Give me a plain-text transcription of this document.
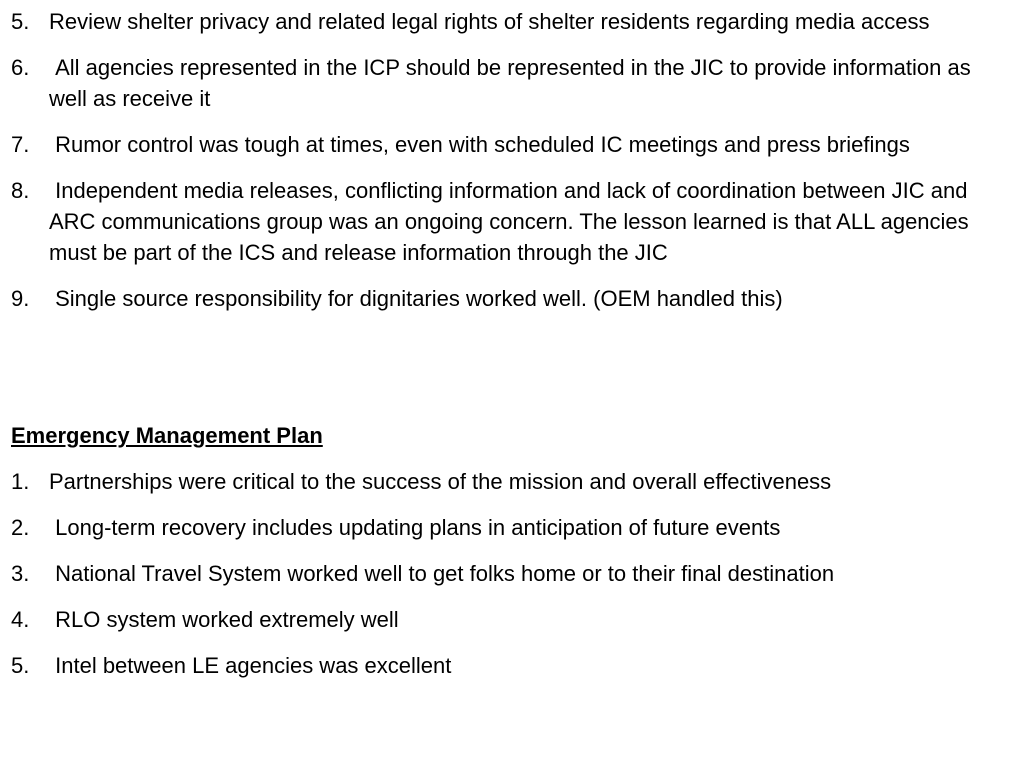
5. Review shelter privacy and related legal rights of shelter residents regarding media access
6. All agencies represented in the ICP should be represented in the JIC to provide information as well as receive it
7. Rumor control was tough at times, even with scheduled IC meetings and press briefings
8. Independent media releases, conflicting information and lack of coordination between JIC and ARC communications group was an ongoing concern. The lesson learned is that ALL agencies must be part of the ICS and release information through the JIC
9. Single source responsibility for dignitaries worked well. (OEM handled this)
Emergency Management Plan
1. Partnerships were critical to the success of the mission and overall effectiveness
2. Long-term recovery includes updating plans in anticipation of future events
3. National Travel System worked well to get folks home or to their final destination
4. RLO system worked extremely well
5. Intel between LE agencies was excellent
